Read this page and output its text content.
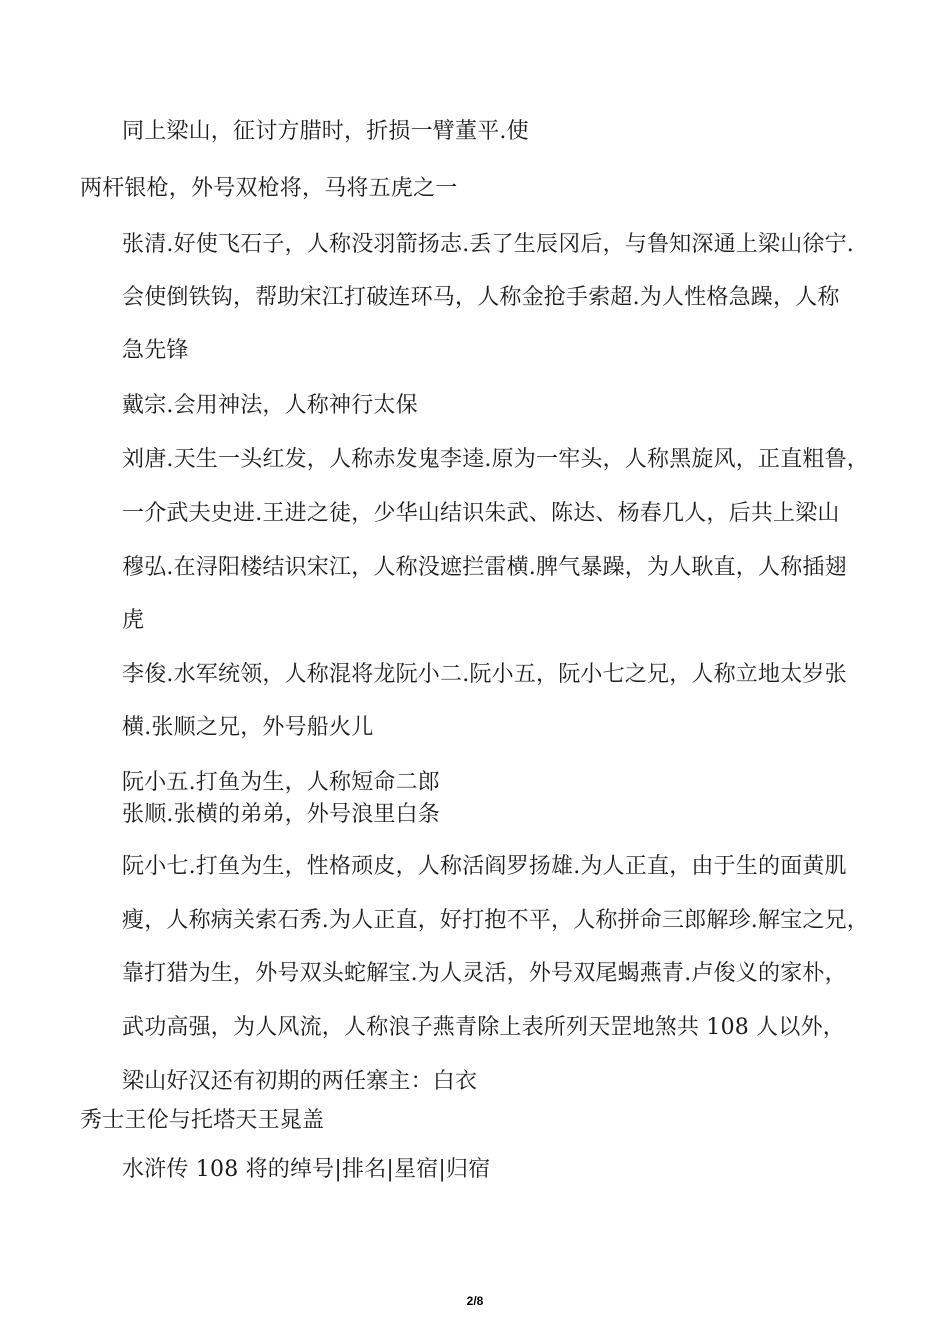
同上梁山，征讨方腊时，折损一臂董平.使
两杆银枪，外号双枪将，马将五虎之一
张清.好使飞石子，人称没羽箭扬志.丢了生辰冈后，与鲁知深通上梁山徐宁.
会使倒铁钩，帮助宋江打破连环马，人称金抢手索超.为人性格急躁，人称
急先锋
戴宗.会用神法，人称神行太保
刘唐.天生一头红发，人称赤发鬼李逵.原为一牢头，人称黑旋风，正直粗鲁，
一介武夫史进.王进之徒，少华山结识朱武、陈达、杨春几人，后共上梁山
穆弘.在浔阳楼结识宋江，人称没遮拦雷横.脾气暴躁，为人耿直，人称插翅
虎
李俊.水军统领，人称混将龙阮小二.阮小五，阮小七之兄，人称立地太岁张
横.张顺之兄，外号船火儿
阮小五.打鱼为生，人称短命二郎
张顺.张横的弟弟，外号浪里白条
阮小七.打鱼为生，性格顽皮，人称活阎罗扬雄.为人正直，由于生的面黄肌
瘦，人称病关索石秀.为人正直，好打抱不平，人称拼命三郎解珍.解宝之兄，
靠打猎为生，外号双头蛇解宝.为人灵活，外号双尾蝎燕青.卢俊义的家朴，
武功高强，为人风流，人称浪子燕青除上表所列天罡地煞共 108 人以外，
梁山好汉还有初期的两任寨主：白衣
秀士王伦与托塔天王晁盖
水浒传 108 将的绰号|排名|星宿|归宿
2/8
